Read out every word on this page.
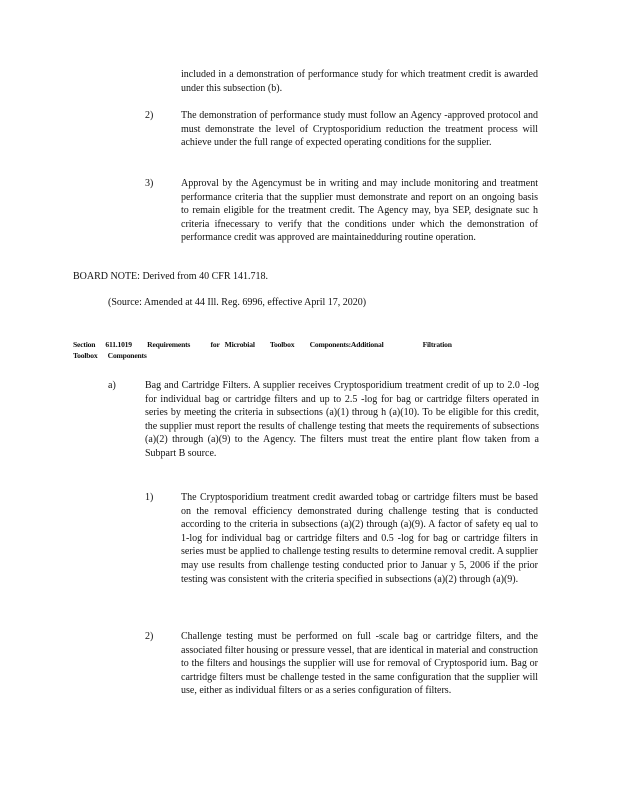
included in a demonstration of performance study for which treatment credit is awarded under this subsection (b).
2)	The demonstration of performance study must follow an Agency -approved protocol and must demonstrate the level of Cryptosporidium reduction the treatment process will achieve under the full range of expected operating conditions for the supplier.
3)	Approval by the Agencymust be in writing and may include monitoring and treatment performance criteria that the supplier must demonstrate and report on an ongoing basis to remain eligible for the treatment credit. The Agency may, bya SEP, designate suc h criteria ifnecessary to verify that the conditions under which the demonstration of performance credit was approved are maintainedduring routine operation.
BOARD NOTE: Derived from 40 CFR 141.718.
(Source: Amended at 44 Ill. Reg. 6996, effective April 17, 2020)
Section      611.1019         Requirements            for   Microbial         Toolbox         Components:Additional                       Filtration
Toolbox      Components
a)	Bag and Cartridge Filters. A supplier receives Cryptosporidium treatment credit of up to 2.0 -log for individual bag or cartridge filters and up to 2.5 -log for bag or cartridge filters operated in series by meeting the criteria in subsections (a)(1) throug h (a)(10). To be eligible for this credit, the supplier must report the results of challenge testing that meets the requirements of subsections (a)(2) through (a)(9) to the Agency. The filters must treat the entire plant flow taken from a Subpart B source.
1)	The Cryptosporidium treatment credit awarded tobag or cartridge filters must be based on the removal efficiency demonstrated during challenge testing that is conducted according to the criteria in subsections (a)(2) through (a)(9). A factor of safety eq ual to 1-log for individual bag or cartridge filters and 0.5 -log for bag or cartridge filters in series must be applied to challenge testing results to determine removal credit. A supplier may use results from challenge testing conducted prior to Januar y 5, 2006 if the prior testing was consistent with the criteria specified in subsections (a)(2) through (a)(9).
2)	Challenge testing must be performed on full -scale bag or cartridge filters, and the associated filter housing or pressure vessel, that are identical in material and construction to the filters and housings the supplier will use for removal of Cryptosporid ium. Bag or cartridge filters must be challenge tested in the same configuration that the supplier will use, either as individual filters or as a series configuration of filters.
